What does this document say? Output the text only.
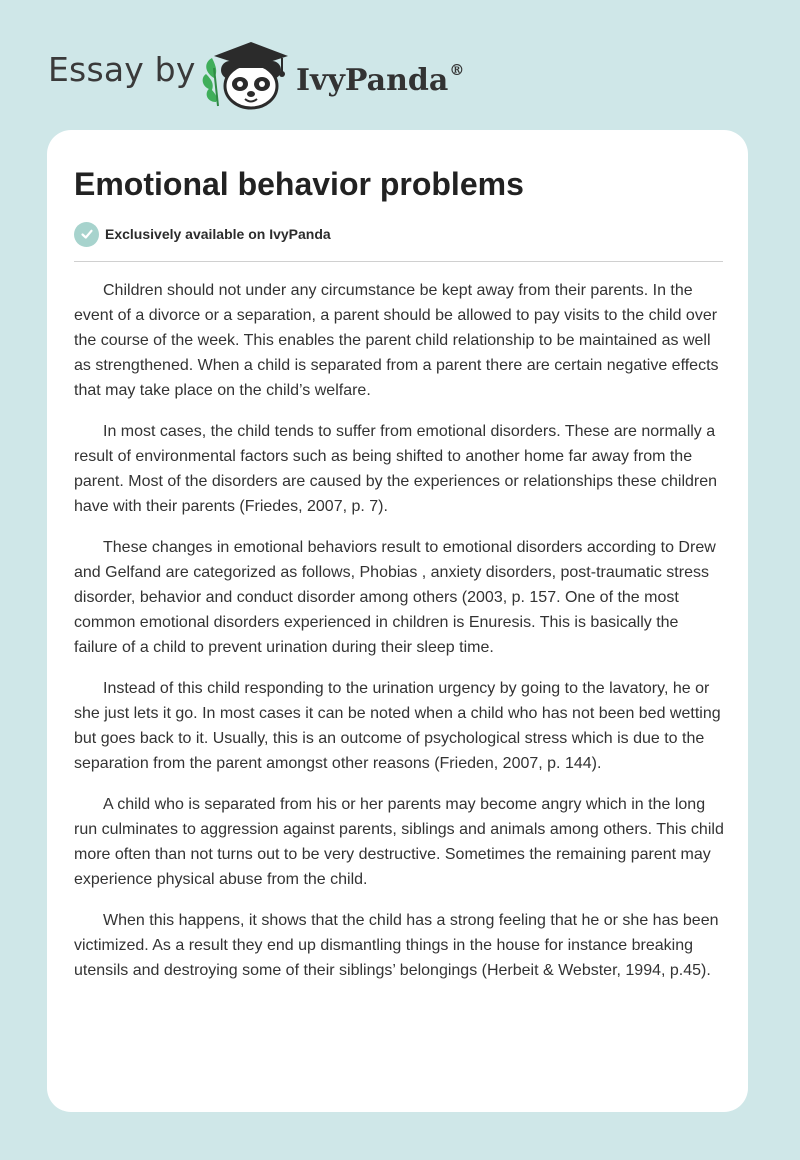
Essay by	IvyPanda®
Emotional behavior problems
Exclusively available on IvyPanda

Children should not under any circumstance be kept away from their parents. In the event of a divorce or a separation, a parent should be allowed to pay visits to the child over the course of the week. This enables the parent child relationship to be maintained as well as strengthened. When a child is separated from a parent there are certain negative effects that may take place on the child’s welfare.

In most cases, the child tends to suffer from emotional disorders. These are normally a result of environmental factors such as being shifted to another home far away from the parent. Most of the disorders are caused by the experiences or relationships these children have with their parents (Friedes, 2007, p. 7).

These changes in emotional behaviors result to emotional disorders according to Drew and Gelfand are categorized as follows, Phobias , anxiety disorders, post-traumatic stress disorder, behavior and conduct disorder among others (2003, p. 157. One of the most common emotional disorders experienced in children is Enuresis. This is basically the failure of a child to prevent urination during their sleep time.

Instead of this child responding to the urination urgency by going to the lavatory, he or she just lets it go. In most cases it can be noted when a child who has not been bed wetting but goes back to it. Usually, this is an outcome of psychological stress which is due to the separation from the parent amongst other reasons (Frieden, 2007, p. 144).

A child who is separated from his or her parents may become angry which in the long run culminates to aggression against parents, siblings and animals among others. This child more often than not turns out to be very destructive. Sometimes the remaining parent may experience physical abuse from the child.

When this happens, it shows that the child has a strong feeling that he or she has been victimized. As a result they end up dismantling things in the house for instance breaking utensils and destroying some of their siblings’ belongings (Herbeit & Webster, 1994, p.45).
